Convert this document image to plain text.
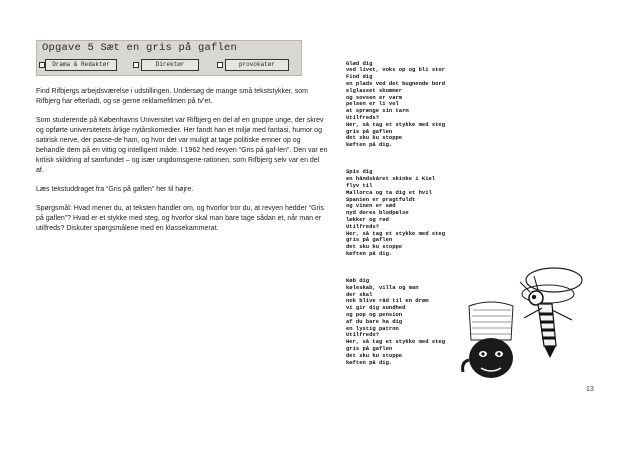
Opgave 5 Sæt en gris på gaflen
Drama & Redaktør	Direktør	provokatør

Find Rifbjergs arbejdsværelse i udstillingen. Undersøg de mange små tekststykker, som Rifbjerg har efterladt, og se gerne reklamefilmen på tv’et.

Som studerende på Københavns Universitet var Rifbjerg en del af en gruppe unge, der skrev og opførte universitetets årlige nytårskomedier. Her fandt han et miljø med fantasi, humor og satirisk nerve, der passe-de ham, og hvor det var muligt at tage politiske emner op og behandle dem på en vittig og intelligent måde. I 1962 hed revyen “Gris på gaf-len”. Den var en kritisk skildring af samfundet – og især ungdomsgene-rationen, som Rifbjerg selv var en del af.

Læs tekstuddraget fra “Gris på gaflen” her til højre.

Spørgsmål: Hvad mener du, at teksten handler om, og hvorfor tror du, at revyen hedder “Gris på gaflen”? Hvad er et stykke med steg, og hvorfor skal man bare tage sådan et, når man er utilfreds? Diskuter spørgsmålene med en klassekammerat.

Glæd dig
ved livet, voks op og bli stor
Find dig
en plads ved det bugnende bord
elglasset skummer
og sovsen er varm
pelsen er li vel
at sprænge sin tarm
Utilfreds?
Her, så tag et stykke med steg
gris på gaflen
det sku ku stoppe
kæften på dig.

Spis dig
en håndskåret skinke i Kiel
flyv til
Mallorca og ta dig et hvil
Spanien er pragtfuldt
og vinen er sød
nyd deres blodpølse
lækker og rød
Utilfreds?
Her, så tag et stykke med steg
gris på gaflen
det sku ku stoppe
kæften på dig.

Køb dig
køleskab, villa og man
der skal
nok blive råd til en drøm
vi gir dig sundhed
og pop og pension
af du bare ha dig
en lystig patron
Utilfreds?
Her, så tag et stykke med steg
gris på gaflen
det sku ku stoppe
kæften på dig.

13
